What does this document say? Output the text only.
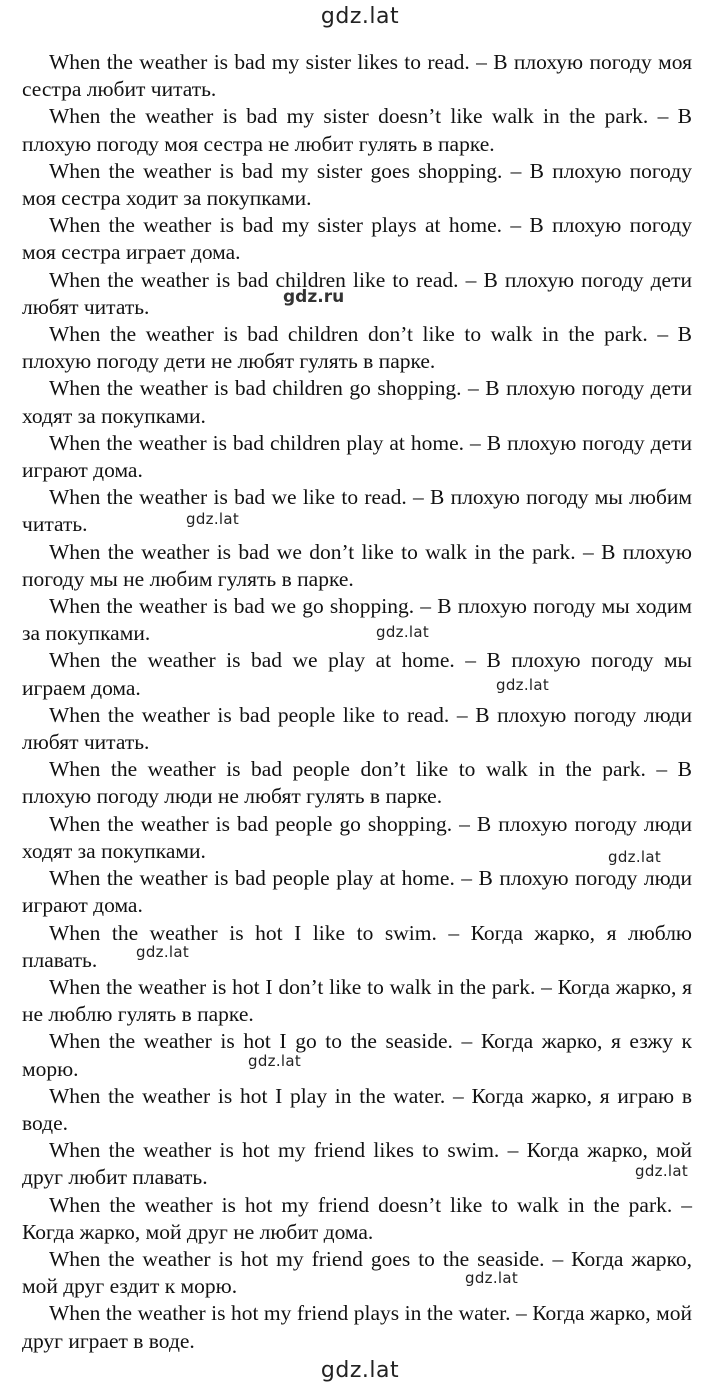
gdz.lat

When the weather is bad my sister likes to read. – В плохую погоду моя сестра любит читать.

When the weather is bad my sister doesn’t like walk in the park. – В плохую погоду моя сестра не любит гулять в парке.

When the weather is bad my sister goes shopping. – В плохую погоду моя сестра ходит за покупками.

When the weather is bad my sister plays at home. – В плохую погоду моя сестра играет дома.

When the weather is bad children like to read. – В плохую погоду дети любят читать.

When the weather is bad children don’t like to walk in the park. – В плохую погоду дети не любят гулять в парке.

When the weather is bad children go shopping. – В плохую погоду дети ходят за покупками.

When the weather is bad children play at home. – В плохую погоду дети играют дома.

When the weather is bad we like to read. – В плохую погоду мы любим читать.

When the weather is bad we don’t like to walk in the park. – В плохую погоду мы не любим гулять в парке.

When the weather is bad we go shopping. – В плохую погоду мы ходим за покупками.

When the weather is bad we play at home. – В плохую погоду мы играем дома.

When the weather is bad people like to read. – В плохую погоду люди любят читать.

When the weather is bad people don’t like to walk in the park. – В плохую погоду люди не любят гулять в парке.

When the weather is bad people go shopping. – В плохую погоду люди ходят за покупками.

When the weather is bad people play at home. – В плохую погоду люди играют дома.

When the weather is hot I like to swim. – Когда жарко, я люблю плавать.

When the weather is hot I don’t like to walk in the park. – Когда жарко, я не люблю гулять в парке.

When the weather is hot I go to the seaside. – Когда жарко, я езжу к морю.

When the weather is hot I play in the water. – Когда жарко, я играю в воде.

When the weather is hot my friend likes to swim. – Когда жарко, мой друг любит плавать.

When the weather is hot my friend doesn’t like to walk in the park. – Когда жарко, мой друг не любит дома.

When the weather is hot my friend goes to the seaside. – Когда жарко, мой друг ездит к морю.

When the weather is hot my friend plays in the water. – Когда жарко, мой друг играет в воде.

gdz.ru
gdz.lat
gdz.lat
gdz.lat
gdz.lat
gdz.lat
gdz.lat
gdz.lat
gdz.lat
gdz.lat
